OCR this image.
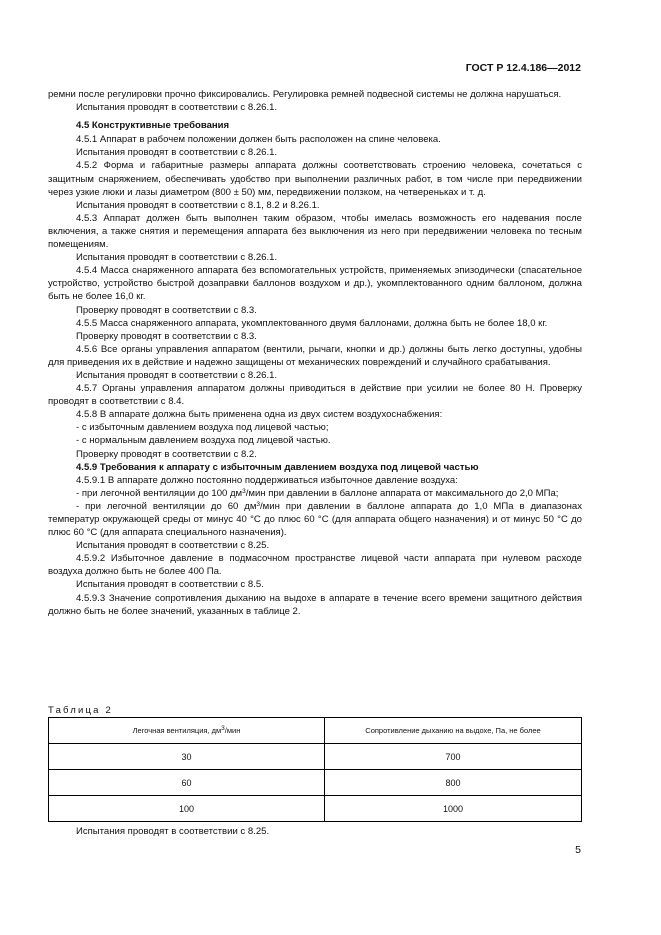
ГОСТ Р 12.4.186—2012

ремни после регулировки прочно фиксировались. Регулировка ремней подвесной системы не должна нарушаться.

Испытания проводят в соответствии с 8.26.1.

4.5 Конструктивные требования

4.5.1 Аппарат в рабочем положении должен быть расположен на спине человека.

Испытания проводят в соответствии с 8.26.1.

4.5.2 Форма и габаритные размеры аппарата должны соответствовать строению человека, сочетаться с защитным снаряжением, обеспечивать удобство при выполнении различных работ, в том числе при передвижении через узкие люки и лазы диаметром (800 ± 50) мм, передвижении ползком, на четвереньках и т. д.

Испытания проводят в соответствии с 8.1, 8.2 и 8.26.1.

4.5.3 Аппарат должен быть выполнен таким образом, чтобы имелась возможность его надевания после включения, а также снятия и перемещения аппарата без выключения из него при передвижении человека по тесным помещениям.

Испытания проводят в соответствии с 8.26.1.

4.5.4 Масса снаряженного аппарата без вспомогательных устройств, применяемых эпизодически (спасательное устройство, устройство быстрой дозаправки баллонов воздухом и др.), укомплектованного одним баллоном, должна быть не более 16,0 кг.

Проверку проводят в соответствии с 8.3.

4.5.5 Масса снаряженного аппарата, укомплектованного двумя баллонами, должна быть не более 18,0 кг.

Проверку проводят в соответствии с 8.3.

4.5.6 Все органы управления аппаратом (вентили, рычаги, кнопки и др.) должны быть легко доступны, удобны для приведения их в действие и надежно защищены от механических повреждений и случайного срабатывания.

Испытания проводят в соответствии с 8.26.1.

4.5.7 Органы управления аппаратом должны приводиться в действие при усилии не более 80 Н. Проверку проводят в соответствии с 8.4.

4.5.8 В аппарате должна быть применена одна из двух систем воздухоснабжения:

- с избыточным давлением воздуха под лицевой частью;

- с нормальным давлением воздуха под лицевой частью.

Проверку проводят в соответствии с 8.2.

4.5.9 Требования к аппарату с избыточным давлением воздуха под лицевой частью

4.5.9.1 В аппарате должно постоянно поддерживаться избыточное давление воздуха:

- при легочной вентиляции до 100 $дм^3$/мин при давлении в баллоне аппарата от максимального до 2,0 МПа;

- при легочной вентиляции до 60 $дм^3$/мин при давлении в баллоне аппарата до 1,0 МПа в диапазонах температур окружающей среды от минус 40 °С до плюс 60 °С (для аппарата общего назначения) и от минус 50 °С до плюс 60 °С (для аппарата специального назначения).

Испытания проводят в соответствии с 8.25.

4.5.9.2 Избыточное давление в подмасочном пространстве лицевой части аппарата при нулевом расходе воздуха должно быть не более 400 Па.

Испытания проводят в соответствии с 8.5.

4.5.9.3 Значение сопротивления дыханию на выдохе в аппарате в течение всего времени защитного действия должно быть не более значений, указанных в таблице 2.

Таблица 2
Легочная вентиляция, $дм^3$/мин	Сопротивление дыханию на выдохе, Па, не более
30	700
60	800
100	1000
Испытания проводят в соответствии с 8.25.
5
